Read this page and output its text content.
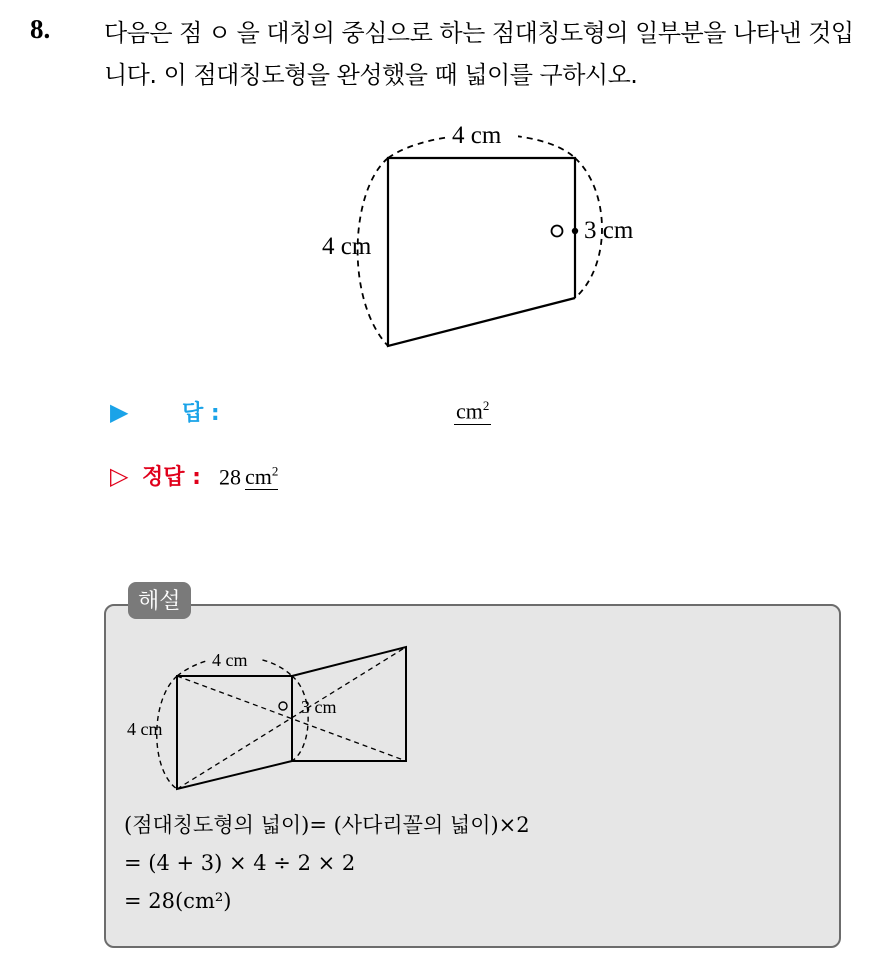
8. 다음은 점 ㅇ 을 대칭의 중심으로 하는 점대칭도형의 일부분을 나타낸 것입니다. 이 점대칭도형을 완성했을 때 넓이를 구하시오.
4 cm
4 cm
3 cm
▶	답 :	$cm^2$
▷ 정답 : 28 $cm^2$
해설
4 cm
4 cm
3 cm
(점대칭도형의 넓이)= (사다리꼴의 넓이)×2
= (4 + 3) × 4 ÷ 2 × 2
= 28(cm²)
